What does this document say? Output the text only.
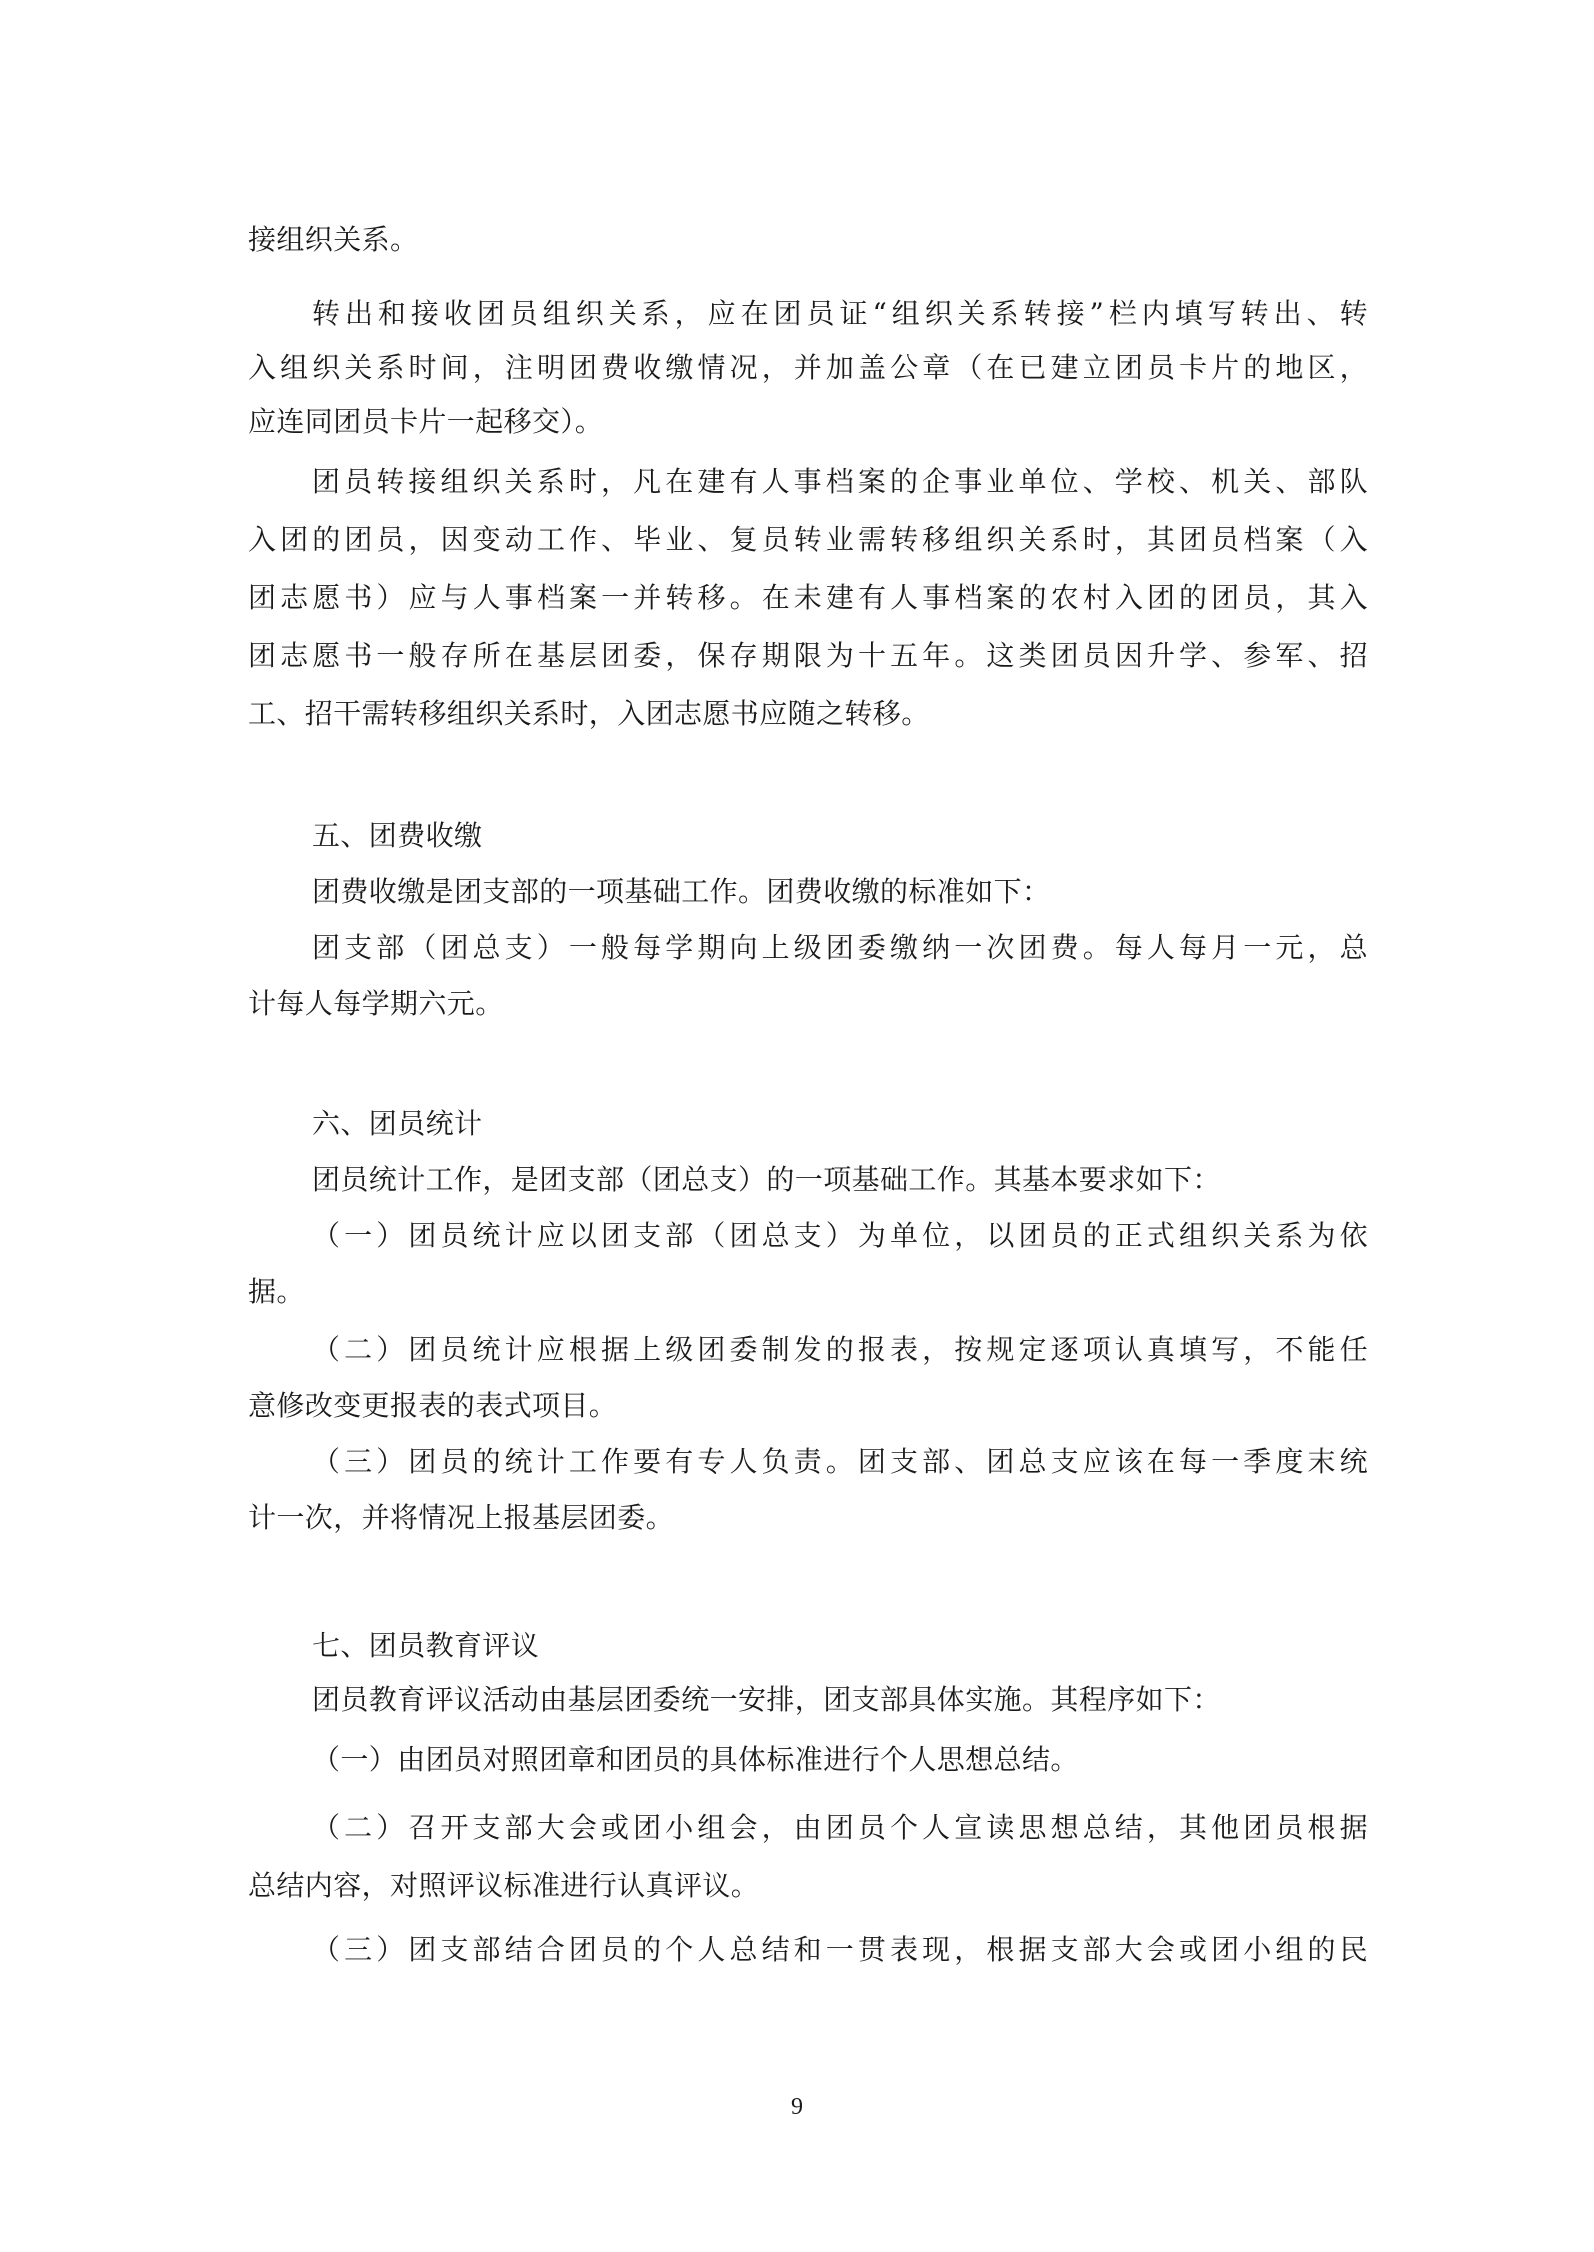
接组织关系。
转出和接收团员组织关系，应在团员证“组织关系转接”栏内填写转出、转
入组织关系时间，注明团费收缴情况，并加盖公章（在已建立团员卡片的地区，
应连同团员卡片一起移交）。
团员转接组织关系时，凡在建有人事档案的企事业单位、学校、机关、部队
入团的团员，因变动工作、毕业、复员转业需转移组织关系时，其团员档案（入
团志愿书）应与人事档案一并转移。在未建有人事档案的农村入团的团员，其入
团志愿书一般存所在基层团委，保存期限为十五年。这类团员因升学、参军、招
工、招干需转移组织关系时，入团志愿书应随之转移。
五、团费收缴
团费收缴是团支部的一项基础工作。团费收缴的标准如下：
团支部（团总支）一般每学期向上级团委缴纳一次团费。每人每月一元，总
计每人每学期六元。
六、团员统计
团员统计工作，是团支部（团总支）的一项基础工作。其基本要求如下：
（一）团员统计应以团支部（团总支）为单位，以团员的正式组织关系为依
据。
（二）团员统计应根据上级团委制发的报表，按规定逐项认真填写，不能任
意修改变更报表的表式项目。
（三）团员的统计工作要有专人负责。团支部、团总支应该在每一季度末统
计一次，并将情况上报基层团委。
七、团员教育评议
团员教育评议活动由基层团委统一安排，团支部具体实施。其程序如下：
（一）由团员对照团章和团员的具体标准进行个人思想总结。
（二）召开支部大会或团小组会，由团员个人宣读思想总结，其他团员根据
总结内容，对照评议标准进行认真评议。
（三）团支部结合团员的个人总结和一贯表现，根据支部大会或团小组的民
9
